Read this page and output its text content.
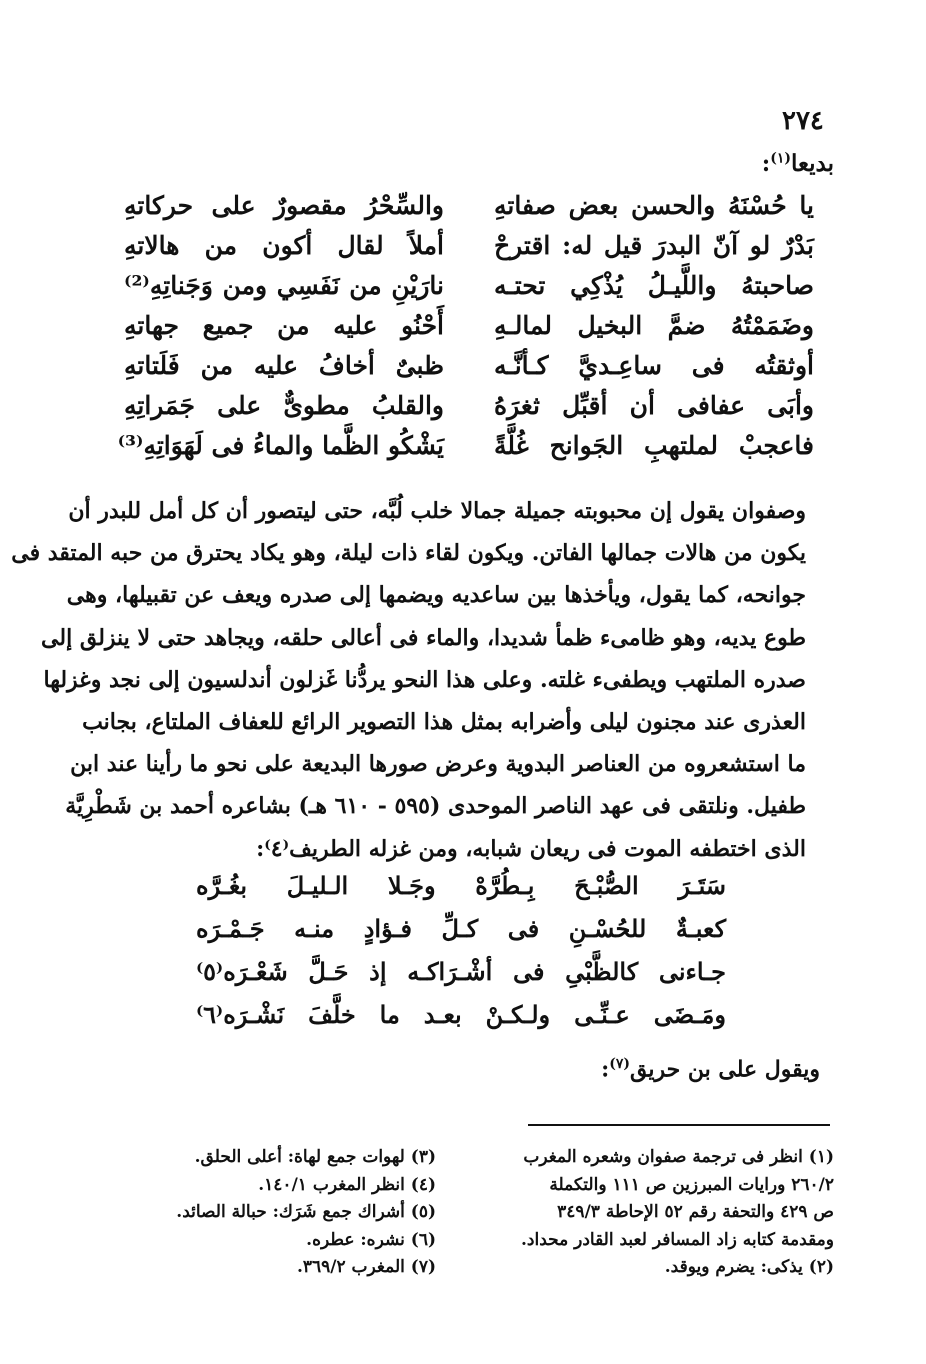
٢٧٤
بديعا$^{(١)}$:
يا حُسْنَهُ والحسن بعض صفاتهِ
والسِّحْرُ مقصورٌ على حركاتهِ
بَدْرٌ لو آنّ البدرَ قيل له: اقترحْ
أملاً لقال أكون من هالاتهِ
صاحبتهُ واللَّيـلُ يُذْكِي تحتـه
نارَيْنِ من نَفَسِي ومن وَجَناتِهِ⁽²⁾
وضَمَمْتُهُ ضمَّ البخيل لمالـهِ
أَحْنُو عليه من جميع جهاتهِ
أوثقتُه فى ساعِـديَّ كـأنَّـه
ظبىٌ أخافُ عليه من فَلَتاتهِ
وأبَى عفافى أن أقبِّل ثغرَهُ
والقلبُ مطوىٌّ على جَمَراتِهِ
فاعجبْ لملتهبِ الجَوانح غُلَّةً
يَشْكُو الظَّما والماءُ فى لَهَوَاتِهِ⁽³⁾
وصفوان يقول إن محبوبته جميلة جمالا خلب لُبَّه، حتى ليتصور أن كل أمل للبدر أن
يكون من هالات جمالها الفاتن. ويكون لقاء ذات ليلة، وهو يكاد يحترق من حبه المتقد فى
جوانحه، كما يقول، ويأخذها بين ساعديه ويضمها إلى صدره ويعف عن تقبيلها، وهى
طوع يديه، وهو ظامىء ظمأ شديدا، والماء فى أعالى حلقه، ويجاهد حتى لا ينزلق إلى
صدره الملتهب ويطفىء غلته. وعلى هذا النحو يردُّنا غَزلون أندلسيون إلى نجد وغزلها
العذرى عند مجنون ليلى وأضرابه بمثل هذا التصوير الرائع للعفاف الملتاع، بجانب
ما استشعروه من العناصر البدوية وعرض صورها البديعة على نحو ما رأينا عند ابن
طفيل. ونلتقى فى عهد الناصر الموحدى (٥٩٥ - ٦١٠ هـ) بشاعره أحمد بن شَطْرِيَّة
الذى اختطفه الموت فى ريعان شبابه، ومن غزله الطريف⁽٤⁾:
سَتَـرَ الصُّبْـحَ بِـطُرَّهْ وجَـلا الـليـلَ بغُـرَّه
كعبـةٌ للحُسْـنِ فى كـلِّ فـؤادٍ منـه جَـمْـرَه
جـاءنى كالظَّبْىِ فى أشْـرَاكـه إذ حَـلَّ شَعْـرَه⁽٥⁾
ومَـضَى عـنِّـى ولـكـنْ بعـد ما خلَّفَ نَشْـرَه⁽٦⁾
ويقول على بن حريق$^{(٧)}$:
(١) انظر فى ترجمة صفوان وشعره المغرب
٢٦٠/٢ ورايات المبرزين ص ١١١ والتكملة
ص ٤٢٩ والتحفة رقم ٥٢ الإحاطة ٣٤٩/٣
ومقدمة كتابه زاد المسافر لعبد القادر محداد.
(٢) يذكى: يضرم ويوقد.
(٣) لهوات جمع لهاة: أعلى الحلق.
(٤) انظر المغرب ١٤٠/١.
(٥) أشراك جمع شَرَك: حبالة الصائد.
(٦) نشره: عطره.
(٧) المغرب ٣٦٩/٢.
